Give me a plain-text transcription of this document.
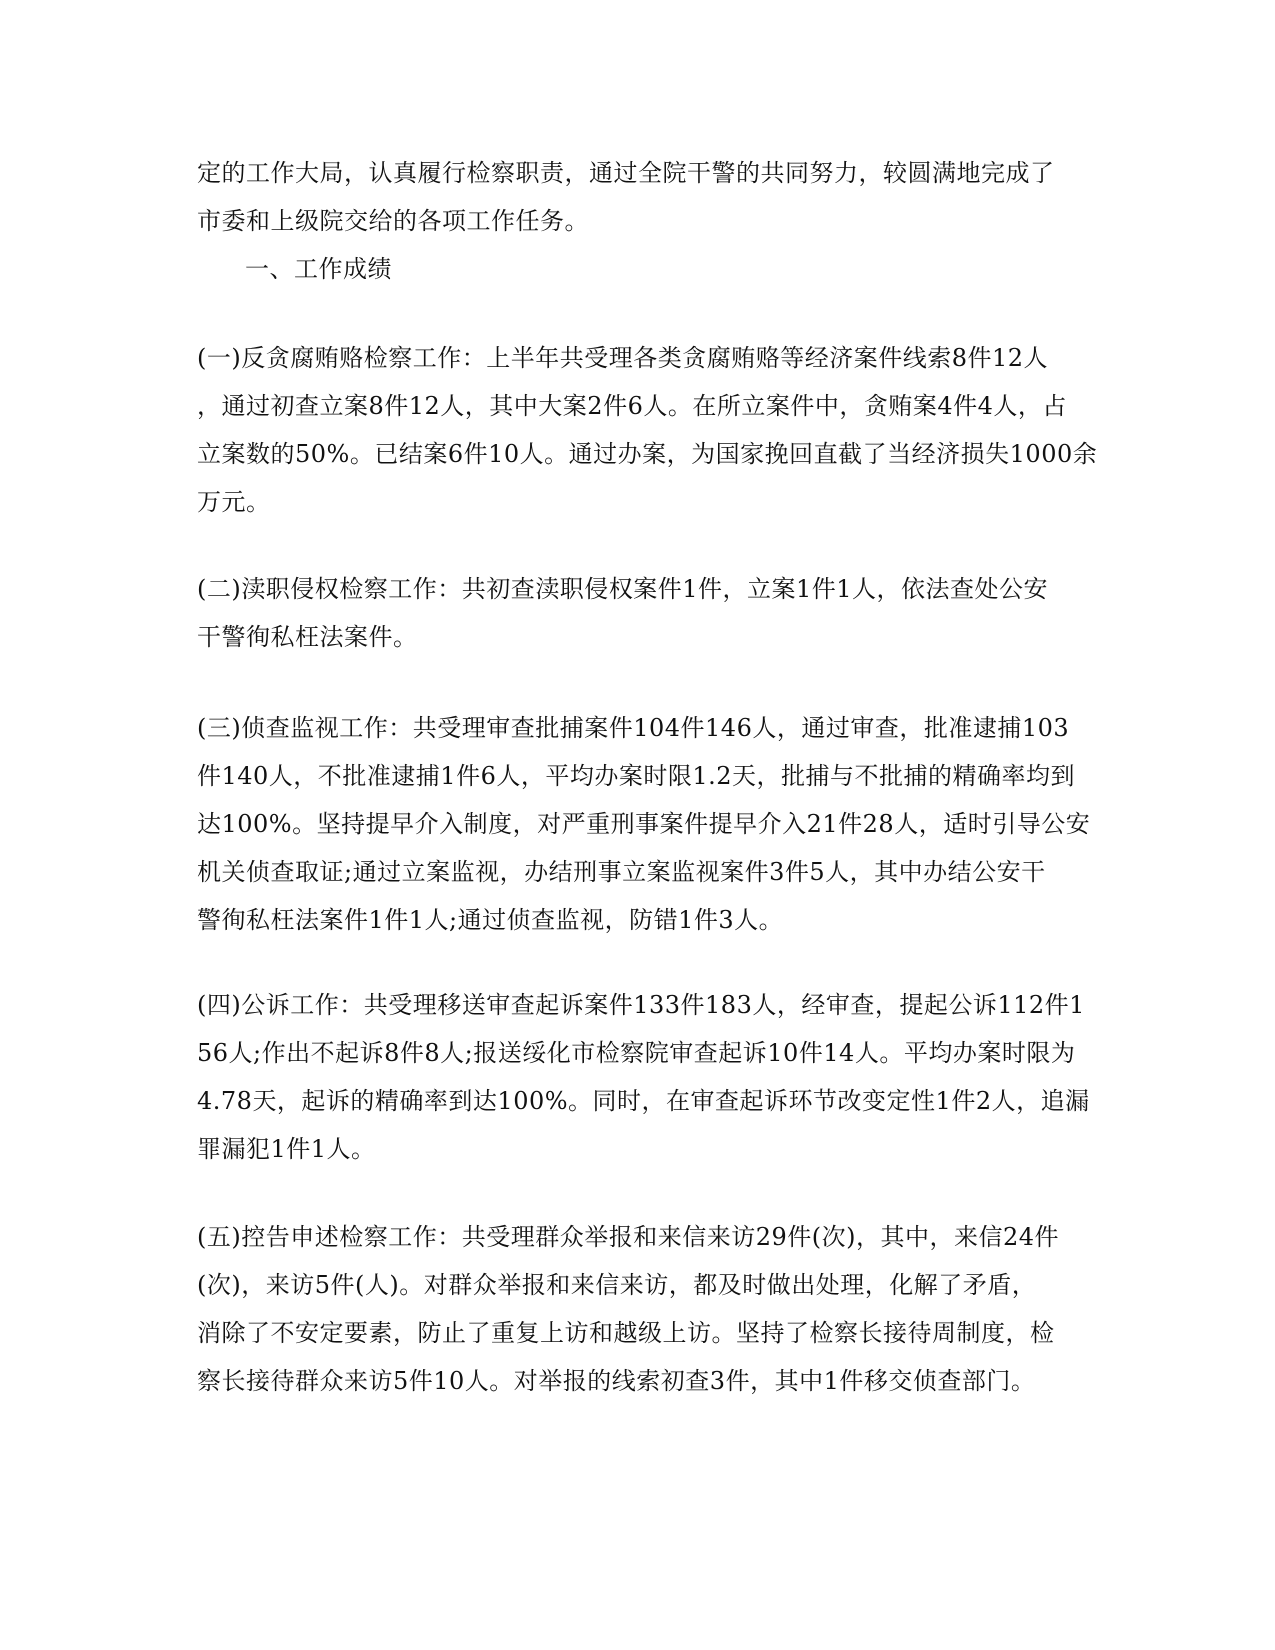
定的工作大局，认真履行检察职责，通过全院干警的共同努力，较圆满地完成了
市委和上级院交给的各项工作任务。
一、工作成绩
(一)反贪腐贿赂检察工作：上半年共受理各类贪腐贿赂等经济案件线索8件12人
，通过初查立案8件12人，其中大案2件6人。在所立案件中，贪贿案4件4人，占
立案数的50%。已结案6件10人。通过办案，为国家挽回直截了当经济损失1000余
万元。
(二)渎职侵权检察工作：共初查渎职侵权案件1件，立案1件1人，依法查处公安
干警徇私枉法案件。
(三)侦查监视工作：共受理审查批捕案件104件146人，通过审查，批准逮捕103
件140人，不批准逮捕1件6人，平均办案时限1.2天，批捕与不批捕的精确率均到
达100%。坚持提早介入制度，对严重刑事案件提早介入21件28人，适时引导公安
机关侦查取证;通过立案监视，办结刑事立案监视案件3件5人，其中办结公安干
警徇私枉法案件1件1人;通过侦查监视，防错1件3人。
(四)公诉工作：共受理移送审查起诉案件133件183人，经审查，提起公诉112件1
56人;作出不起诉8件8人;报送绥化市检察院审查起诉10件14人。平均办案时限为
4.78天，起诉的精确率到达100%。同时，在审查起诉环节改变定性1件2人，追漏
罪漏犯1件1人。
(五)控告申述检察工作：共受理群众举报和来信来访29件(次)，其中，来信24件
(次)，来访5件(人)。对群众举报和来信来访，都及时做出处理，化解了矛盾，
消除了不安定要素，防止了重复上访和越级上访。坚持了检察长接待周制度，检
察长接待群众来访5件10人。对举报的线索初查3件，其中1件移交侦查部门。
